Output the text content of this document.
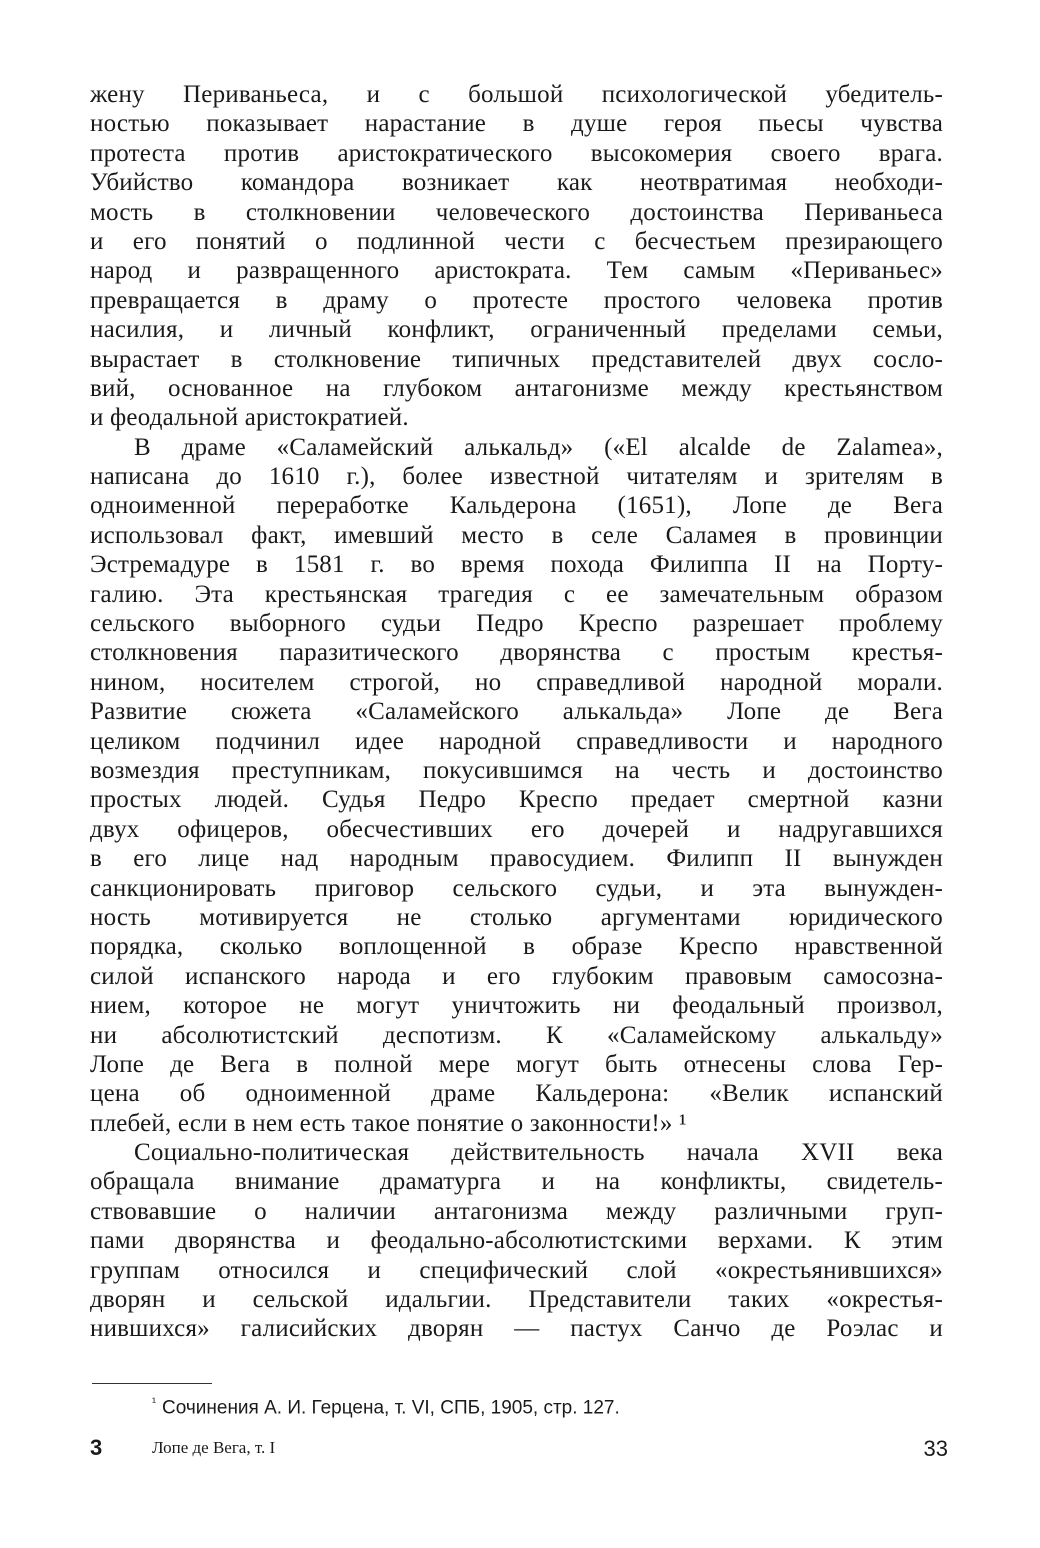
жену Периваньеса, и с большой психологической убедитель-
ностью показывает нарастание в душе героя пьесы чувства
протеста против аристократического высокомерия своего врага.
Убийство командора возникает как неотвратимая необходи-
мость в столкновении человеческого достоинства Периваньеса
и его понятий о подлинной чести с бесчестьем презирающего
народ и развращенного аристократа. Тем самым «Периваньес»
превращается в драму о протесте простого человека против
насилия, и личный конфликт, ограниченный пределами семьи,
вырастает в столкновение типичных представителей двух сосло-
вий, основанное на глубоком антагонизме между крестьянством
и феодальной аристократией.
В драме «Саламейский алькальд» («El alcalde de Zalamea»,
написана до 1610 г.), более известной читателям и зрителям в
одноименной переработке Кальдерона (1651), Лопе де Вега
использовал факт, имевший место в селе Саламея в провинции
Эстремадуре в 1581 г. во время похода Филиппа II на Порту-
галию. Эта крестьянская трагедия с ее замечательным образом
сельского выборного судьи Педро Креспо разрешает проблему
столкновения паразитического дворянства с простым крестья-
нином, носителем строгой, но справедливой народной морали.
Развитие сюжета «Саламейского алькальда» Лопе де Вега
целиком подчинил идее народной справедливости и народного
возмездия преступникам, покусившимся на честь и достоинство
простых людей. Судья Педро Креспо предает смертной казни
двух офицеров, обесчестивших его дочерей и надругавшихся
в его лице над народным правосудием. Филипп II вынужден
санкционировать приговор сельского судьи, и эта вынужден-
ность мотивируется не столько аргументами юридического
порядка, сколько воплощенной в образе Креспо нравственной
силой испанского народа и его глубоким правовым самосозна-
нием, которое не могут уничтожить ни феодальный произвол,
ни абсолютистский деспотизм. К «Саламейскому алькальду»
Лопе де Вега в полной мере могут быть отнесены слова Гер-
цена об одноименной драме Кальдерона: «Велик испанский
плебей, если в нем есть такое понятие о законности!» ¹
Социально-политическая действительность начала XVII века
обращала внимание драматурга и на конфликты, свидетель-
ствовавшие о наличии антагонизма между различными груп-
пами дворянства и феодально-абсолютистскими верхами. К этим
группам относился и специфический слой «окрестьянившихся»
дворян и сельской идальгии. Представители таких «окрестья-
нившихся» галисийских дворян — пастух Санчо де Роэлас и
$^{^1}$ Сочинения А. И. Герцена, т. VI, СПБ, 1905, стр. 127.
3	Лопе де Вега, т. I	33
